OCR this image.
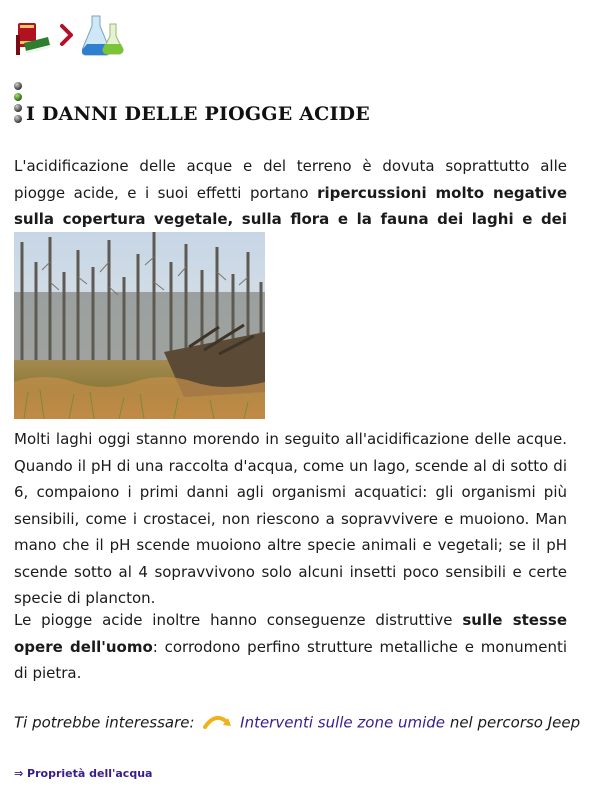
I DANNI DELLE PIOGGE ACIDE

L'acidificazione delle acque e del terreno è dovuta soprattutto alle piogge acide, e i suoi effetti portano ripercussioni molto negative sulla copertura vegetale, sulla flora e la fauna dei laghi e dei

Molti laghi oggi stanno morendo in seguito all'acidificazione delle acque. Quando il pH di una raccolta d'acqua, come un lago, scende al di sotto di 6, compaiono i primi danni agli organismi acquatici: gli organismi più sensibili, come i crostacei, non riescono a sopravvivere e muoiono. Man mano che il pH scende muoiono altre specie animali e vegetali; se il pH scende sotto al 4 sopravvivono solo alcuni insetti poco sensibili e certe specie di plancton.

Le piogge acide inoltre hanno conseguenze distruttive sulle stesse opere dell'uomo: corrodono perfino strutture metalliche e monumenti di pietra.

Ti potrebbe interessare:	Interventi sulle zone umide nel percorso Jeep
⇒ Proprietà dell'acqua
